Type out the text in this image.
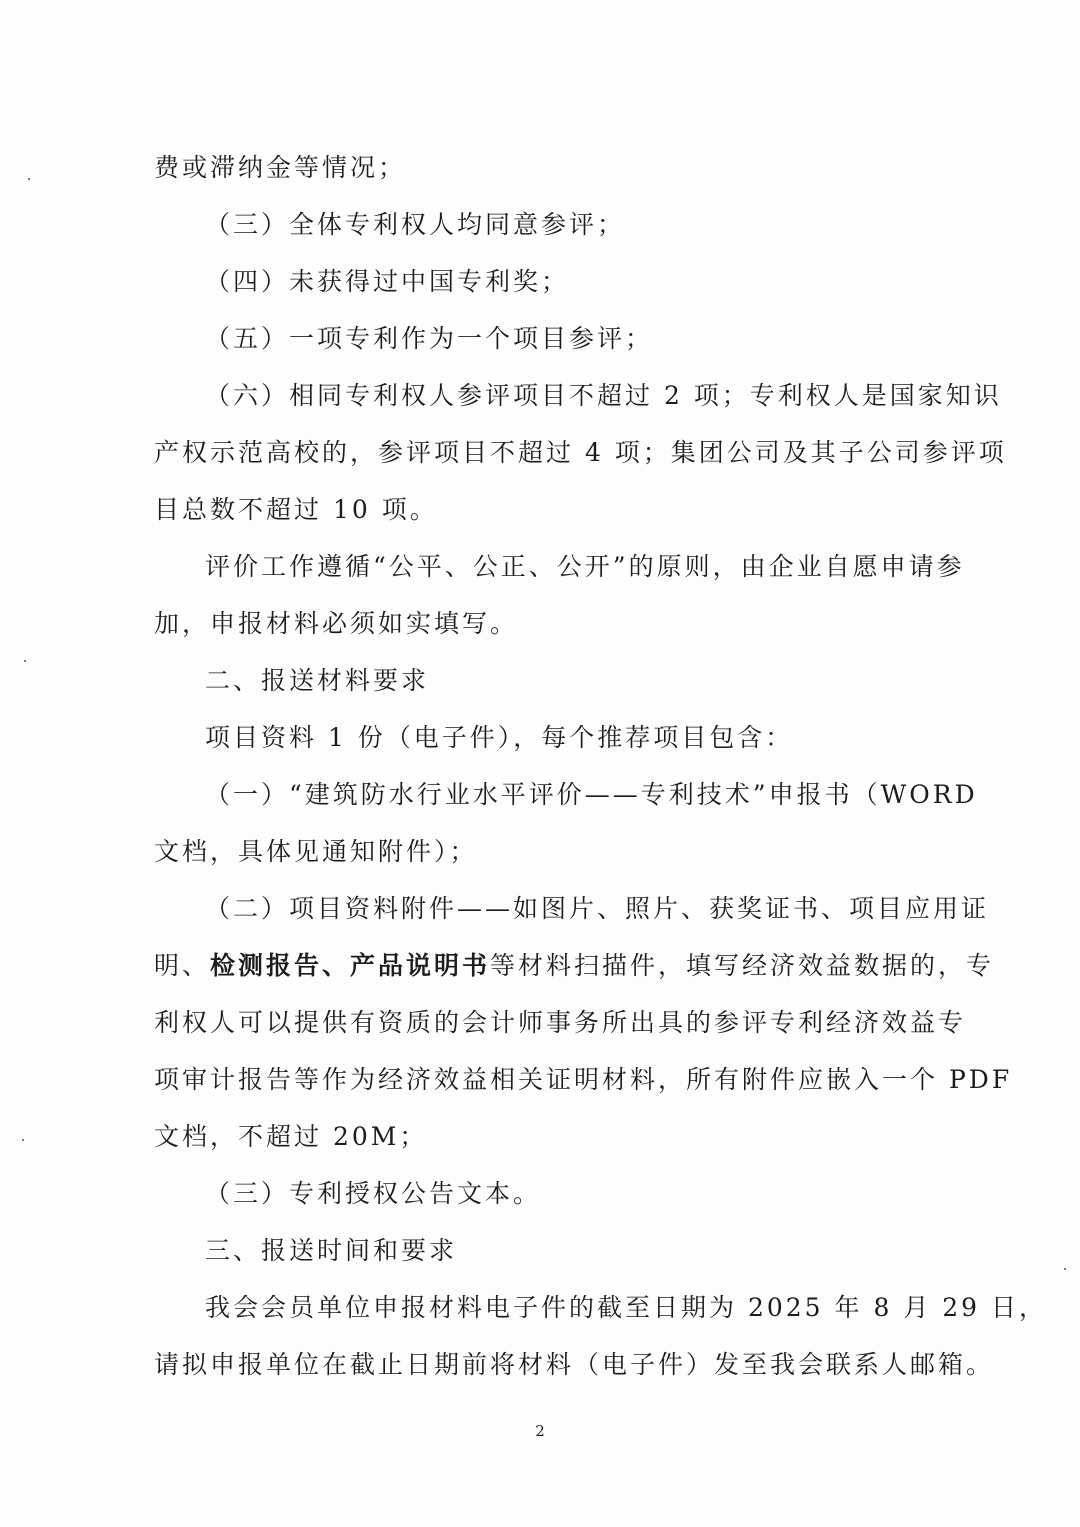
费或滞纳金等情况；
（三）全体专利权人均同意参评；
（四）未获得过中国专利奖；
（五）一项专利作为一个项目参评；
（六）相同专利权人参评项目不超过 2 项；专利权人是国家知识
产权示范高校的，参评项目不超过 4 项；集团公司及其子公司参评项
目总数不超过 10 项。
评价工作遵循“公平、公正、公开”的原则，由企业自愿申请参
加，申报材料必须如实填写。
二、报送材料要求
项目资料 1 份（电子件），每个推荐项目包含：
（一）“建筑防水行业水平评价——专利技术”申报书（WORD
文档，具体见通知附件）；
（二）项目资料附件——如图片、照片、获奖证书、项目应用证
明、检测报告、产品说明书等材料扫描件，填写经济效益数据的，专
利权人可以提供有资质的会计师事务所出具的参评专利经济效益专
项审计报告等作为经济效益相关证明材料，所有附件应嵌入一个 PDF
文档，不超过 20M；
（三）专利授权公告文本。
三、报送时间和要求
我会会员单位申报材料电子件的截至日期为 2025 年 8 月 29 日，
请拟申报单位在截止日期前将材料（电子件）发至我会联系人邮箱。
2
